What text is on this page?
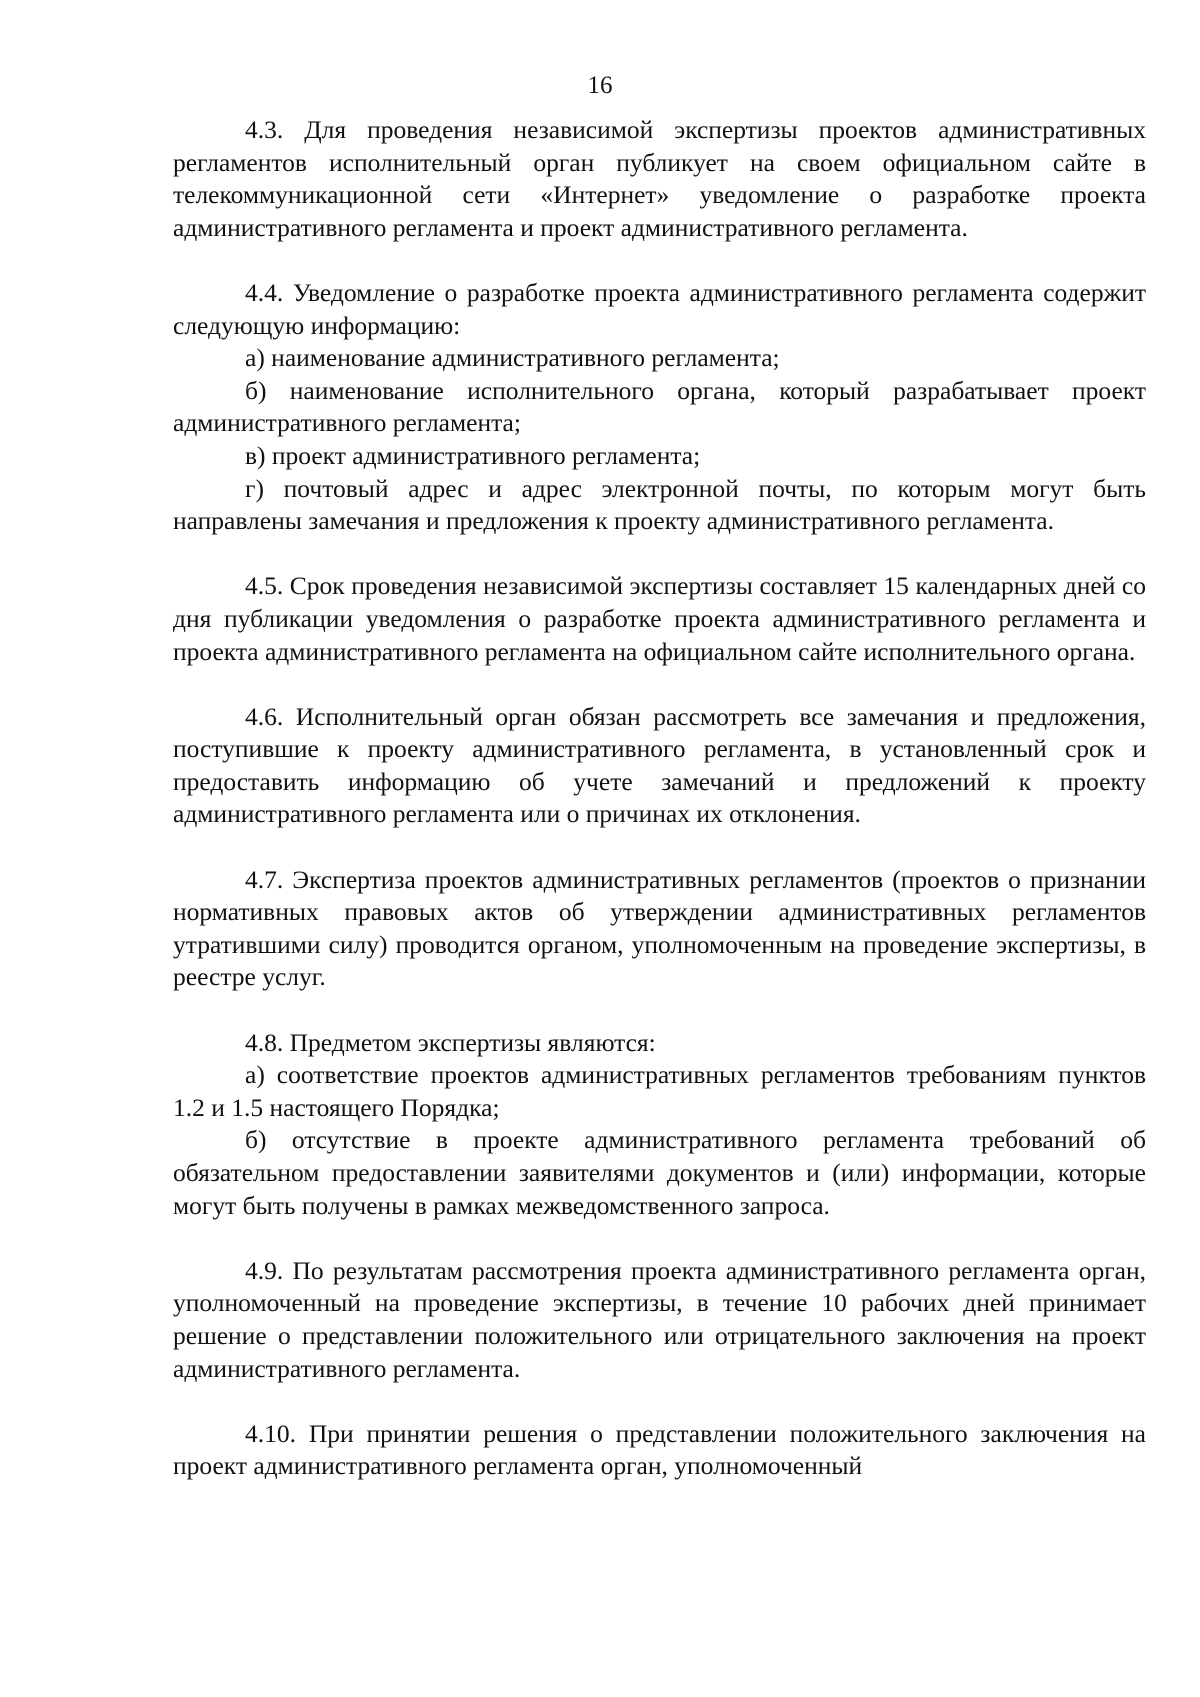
16

4.3. Для проведения независимой экспертизы проектов административных регламентов исполнительный орган публикует на своем официальном сайте в телекоммуникационной сети «Интернет» уведомление о разработке проекта административного регламента и проект административного регламента.

4.4. Уведомление о разработке проекта административного регламента содержит следующую информацию:

а) наименование административного регламента;

б) наименование исполнительного органа, который разрабатывает проект административного регламента;

в) проект административного регламента;

г) почтовый адрес и адрес электронной почты, по которым могут быть направлены замечания и предложения к проекту административного регламента.

4.5. Срок проведения независимой экспертизы составляет 15 календарных дней со дня публикации уведомления о разработке проекта административного регламента и проекта административного регламента на официальном сайте исполнительного органа.

4.6. Исполнительный орган обязан рассмотреть все замечания и предложения, поступившие к проекту административного регламента, в установленный срок и предоставить информацию об учете замечаний и предложений к проекту административного регламента или о причинах их отклонения.

4.7. Экспертиза проектов административных регламентов (проектов о признании нормативных правовых актов об утверждении административных регламентов утратившими силу) проводится органом, уполномоченным на проведение экспертизы, в реестре услуг.

4.8. Предметом экспертизы являются:

а) соответствие проектов административных регламентов требованиям пунктов 1.2 и 1.5 настоящего Порядка;

б) отсутствие в проекте административного регламента требований об обязательном предоставлении заявителями документов и (или) информации, которые могут быть получены в рамках межведомственного запроса.

4.9. По результатам рассмотрения проекта административного регламента орган, уполномоченный на проведение экспертизы, в течение 10 рабочих дней принимает решение о представлении положительного или отрицательного заключения на проект административного регламента.

4.10. При принятии решения о представлении положительного заключения на проект административного регламента орган, уполномоченный
